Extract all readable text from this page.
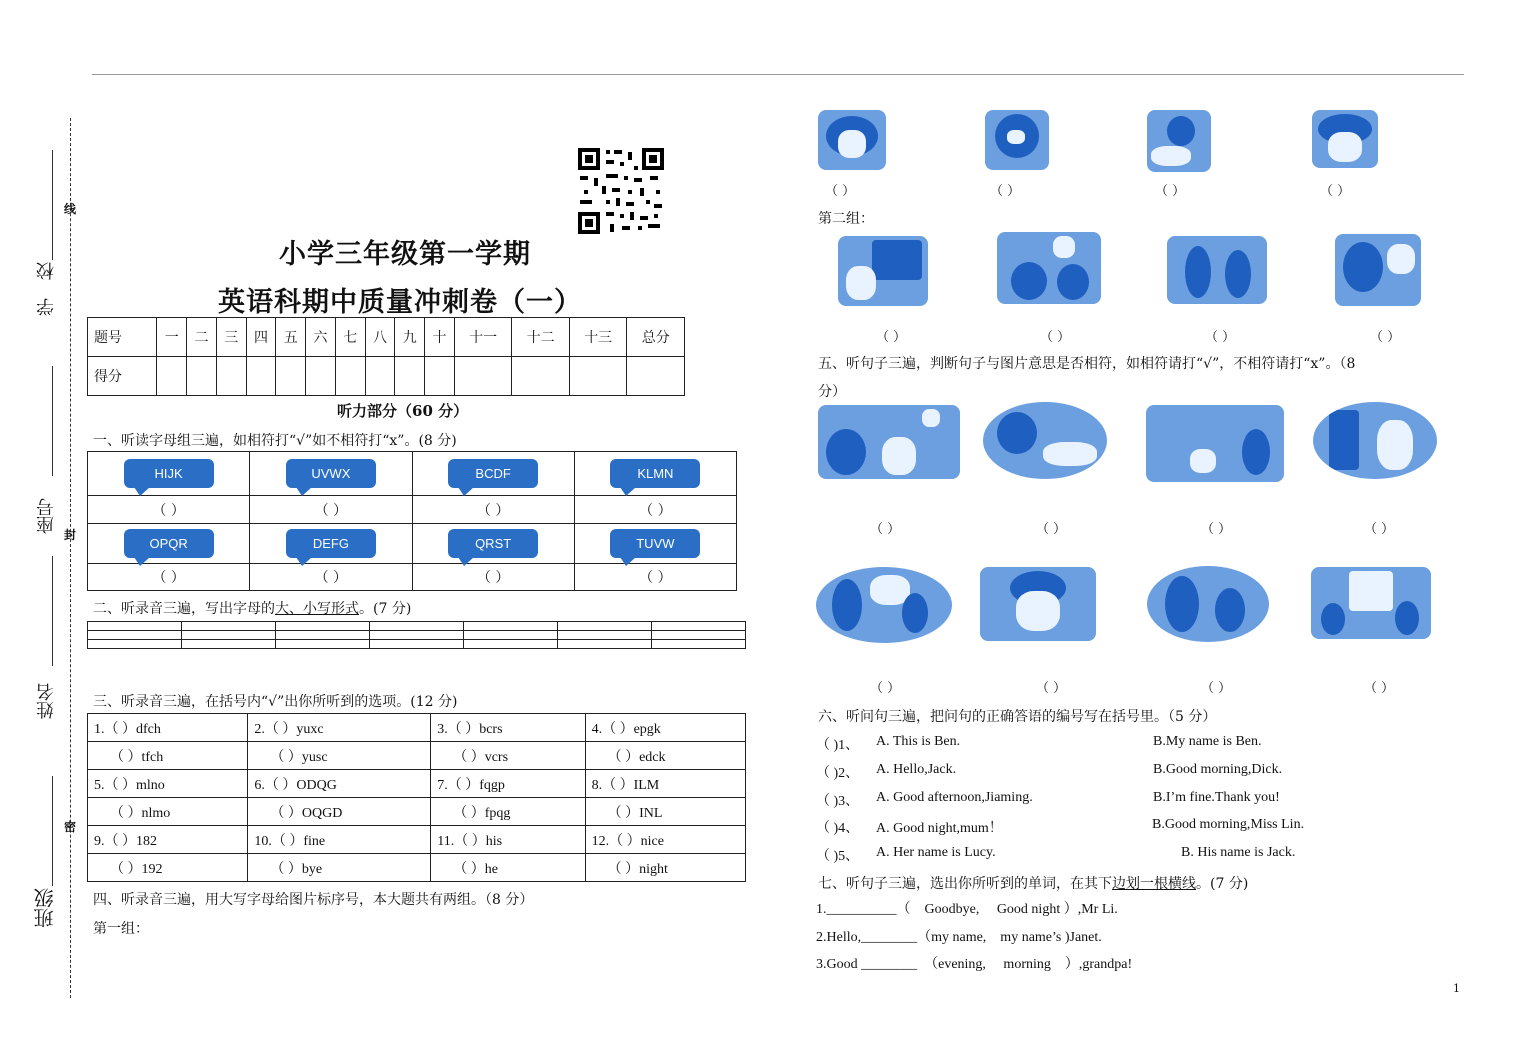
学　校
座号
姓名
班级
线
封
密
小学三年级第一学期
英语科期中质量冲刺卷（一）
题号	一	二	三	四	五	六	七	八	九	十	十一	十二	十三	总分
得分														
听力部分（60 分）
一、听读字母组三遍，如相符打“√”如不相符打“x”。(8 分)
HIJK	UVWX	BCDF	KLMN
（ ）	（ ）	（ ）	（ ）
OPQR	DEFG	QRST	TUVW
（ ）	（ ）	（ ）	（ ）
二、听录音三遍，写出字母的大、小写形式。(7 分)

三、听录音三遍，在括号内“√”出你所听到的选项。(12 分)
1.（ ）dfch	2.（ ）yuxc	3.（ ）bcrs	4.（ ）epgk
（ ）tfch	（ ）yusc	（ ）vcrs	（ ）edck
5.（ ）mlno	6.（ ）ODQG	7.（ ）fqgp	8.（ ）ILM
（ ）nlmo	（ ）OQGD	（ ）fpqg	（ ）INL
9.（ ）182	10.（ ）fine	11.（ ）his	12.（ ）nice
（ ）192	（ ）bye	（ ）he	（ ）night
四、听录音三遍，用大写字母给图片标序号，本大题共有两组。（8 分）
第一组：
（ ）	（ ）	（ ）	（ ）
第二组：
（ ）	（ ）	（ ）	（ ）
五、听句子三遍，判断句子与图片意思是否相符，如相符请打“√”，不相符请打“x”。（8
分）
（ ）	（ ）	（ ）	（ ）
（ ）	（ ）	（ ）	（ ）
六、听问句三遍，把问句的正确答语的编号写在括号里。（5 分）
（ )1、 A. This is Ben.	B.My name is Ben.
（ )2、 A. Hello,Jack.	B.Good morning,Dick.
（ )3、 A. Good afternoon,Jiaming.	B.I’m fine.Thank you!
（ )4、 A. Good night,mum！	B.Good morning,Miss Lin.
（ )5、 A. Her name is Lucy.	B. His name is Jack.
七、听句子三遍，选出你所听到的单词，在其下边划一根横线。(7 分)
1.__________（　Goodbye,　 Good night ）,Mr Li.
2.Hello,________（my name,　my name’s )Janet.
3.Good ________　（evening,　 morning　）,grandpa!
1
